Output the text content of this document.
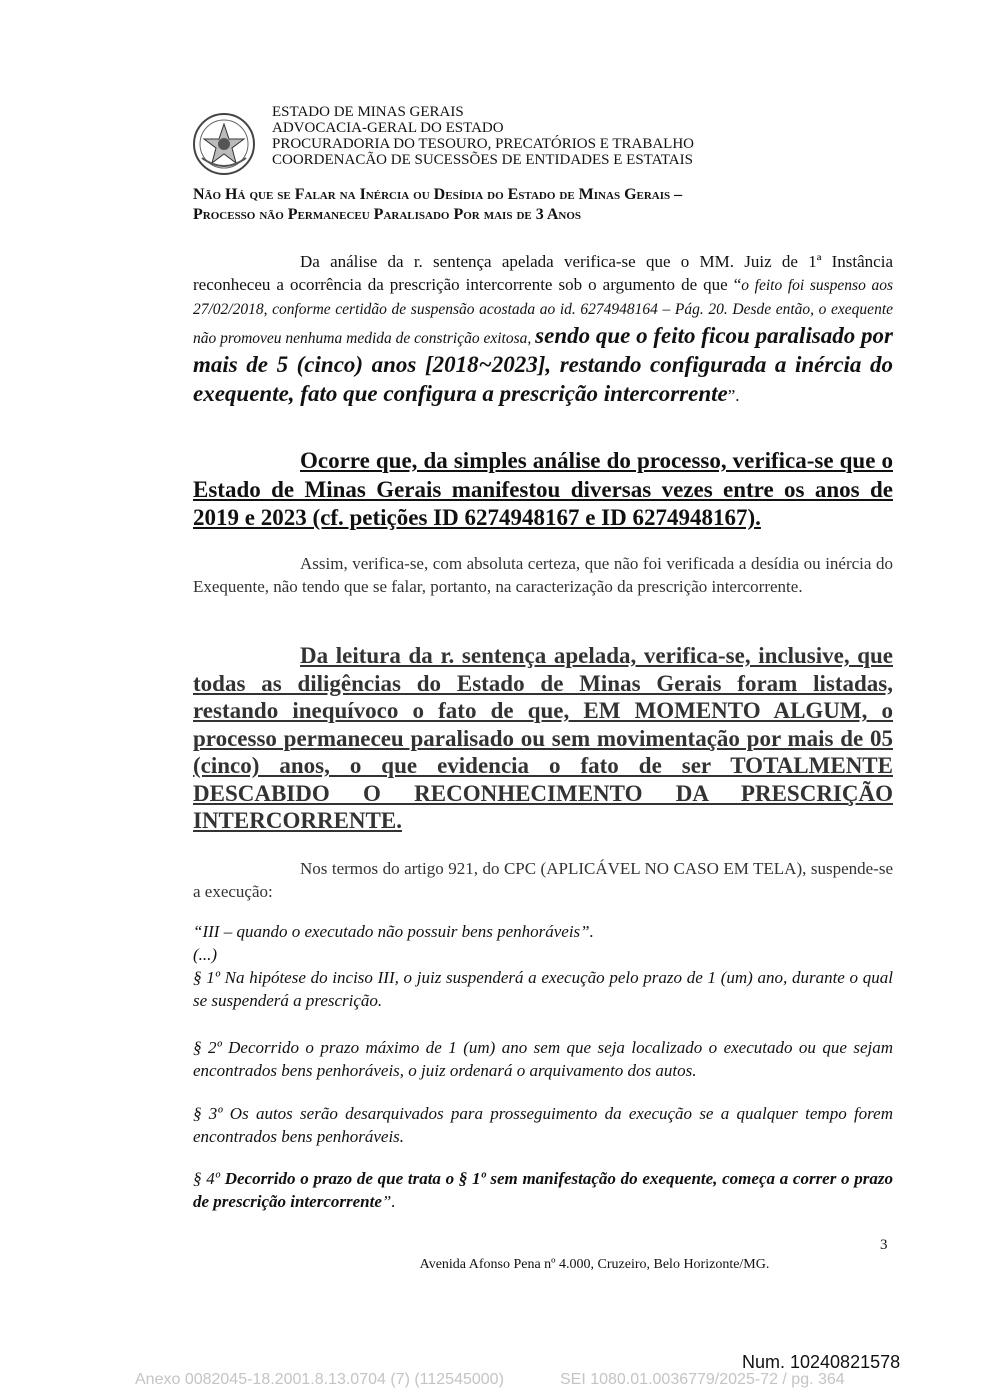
ESTADO DE MINAS GERAIS
ADVOCACIA-GERAL DO ESTADO
PROCURADORIA DO TESOURO, PRECATÓRIOS E TRABALHO
COORDENACÃO DE SUCESSÕES DE ENTIDADES E ESTATAIS
Não Há que se Falar na Inércia ou Desídia do Estado de Minas Gerais –
Processo não Permaneceu Paralisado Por mais de 3 Anos
Da análise da r. sentença apelada verifica-se que o MM. Juiz de 1ª Instância reconheceu a ocorrência da prescrição intercorrente sob o argumento de que “o feito foi suspenso aos 27/02/2018, conforme certidão de suspensão acostada ao id. 6274948164 – Pág. 20. Desde então, o exequente não promoveu nenhuma medida de constrição exitosa, sendo que o feito ficou paralisado por mais de 5 (cinco) anos [2018~2023], restando configurada a inércia do exequente, fato que configura a prescrição intercorrente”.
Ocorre que, da simples análise do processo, verifica-se que o Estado de Minas Gerais manifestou diversas vezes entre os anos de 2019 e 2023 (cf. petições ID 6274948167 e ID 6274948167).
Assim, verifica-se, com absoluta certeza, que não foi verificada a desídia ou inércia do Exequente, não tendo que se falar, portanto, na caracterização da prescrição intercorrente.
Da leitura da r. sentença apelada, verifica-se, inclusive, que todas as diligências do Estado de Minas Gerais foram listadas, restando inequívoco o fato de que, EM MOMENTO ALGUM, o processo permaneceu paralisado ou sem movimentação por mais de 05 (cinco) anos, o que evidencia o fato de ser TOTALMENTE DESCABIDO O RECONHECIMENTO DA PRESCRIÇÃO INTERCORRENTE.
Nos termos do artigo 921, do CPC (APLICÁVEL NO CASO EM TELA), suspende-se a execução:
“III – quando o executado não possuir bens penhoráveis”.
(...)
§ 1º Na hipótese do inciso III, o juiz suspenderá a execução pelo prazo de 1 (um) ano, durante o qual se suspenderá a prescrição.
§ 2º Decorrido o prazo máximo de 1 (um) ano sem que seja localizado o executado ou que sejam encontrados bens penhoráveis, o juiz ordenará o arquivamento dos autos.
§ 3º Os autos serão desarquivados para prosseguimento da execução se a qualquer tempo forem encontrados bens penhoráveis.
§ 4º Decorrido o prazo de que trata o § 1º sem manifestação do exequente, começa a correr o prazo de prescrição intercorrente”.
3
Avenida Afonso Pena nº 4.000, Cruzeiro, Belo Horizonte/MG.
Num. 10240821578
Anexo 0082045-18.2001.8.13.0704 (7) (112545000)	SEI 1080.01.0036779/2025-72 / pg. 364
